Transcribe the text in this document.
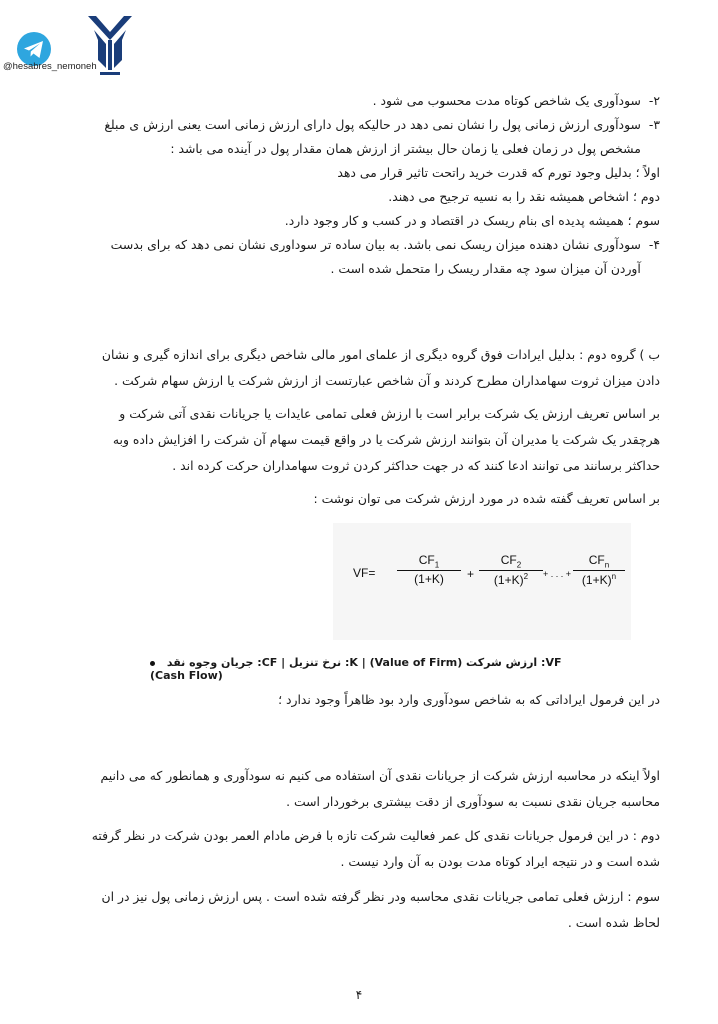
@hesabres_nemoneh
۲-
سودآوری یک شاخص کوتاه مدت محسوب می شود .
۳-
سودآوری ارزش زمانی پول را نشان نمی دهد در حالیکه پول دارای ارزش زمانی است یعنی ارزش ی مبلغ مشخص پول در زمان فعلی یا زمان حال بیشتر از ارزش همان مقدار پول در آینده می باشد :
اولاً ؛ بدلیل وجود تورم که قدرت خرید راتحت تاثیر قرار می دهد
دوم ؛ اشخاص همیشه نقد را به نسیه ترجیح می دهند.
سوم ؛ همیشه پدیده ای بنام ریسک در اقتصاد و در کسب و کار وجود دارد.
۴-
سودآوری نشان دهنده میزان ریسک نمی باشد. به بیان ساده تر سوداوری نشان نمی دهد که برای بدست آوردن آن میزان سود چه مقدار ریسک را متحمل شده است .
ب ) گروه دوم : بدلیل ایرادات فوق گروه دیگری از علمای امور مالی شاخص دیگری برای اندازه گیری و نشان دادن میزان ثروت سهامداران مطرح کردند و آن شاخص عبارتست از ارزش شرکت یا ارزش سهام شرکت .
بر اساس تعریف ارزش یک شرکت برابر است با ارزش فعلی تمامی عایدات یا جریانات نقدی آتی شرکت و هرچقدر یک شرکت یا مدیران آن بتوانند ارزش شرکت یا در واقع قیمت سهام آن شرکت را افزایش داده وبه حداکثر برسانند می توانند ادعا کنند که در جهت حداکثر کردن ثروت سهامداران حرکت کرده اند .
بر اساس تعریف گفته شده در مورد ارزش شرکت می توان نوشت :
$VF= \frac{CF_1}{(1+K)} + \frac{CF_2}{(1+K)^2}$ + . . . +
$CF_n$
$(1+K)^n$
VF: ارزش شرکت (Value of Firm) | K: نرخ تنزیل | CF: جریان وجوه نقد (Cash Flow)
در این فرمول ایراداتی که به شاخص سودآوری وارد بود ظاهراً وجود ندارد ؛
اولاً اینکه در محاسبه ارزش شرکت از جریانات نقدی آن استفاده می کنیم نه سودآوری و همانطور که می دانیم محاسبه جریان نقدی نسبت به سودآوری از دقت بیشتری برخوردار است .
دوم : در این فرمول جریانات نقدی کل عمر فعالیت شرکت تازه با فرض مادام العمر بودن شرکت در نظر گرفته شده است و در نتیجه ایراد کوتاه مدت بودن به آن وارد نیست .
سوم : ارزش فعلی تمامی جریانات نقدی محاسبه ودر نظر گرفته شده است . پس ارزش زمانی پول نیز در ان لحاظ شده است .
۴
